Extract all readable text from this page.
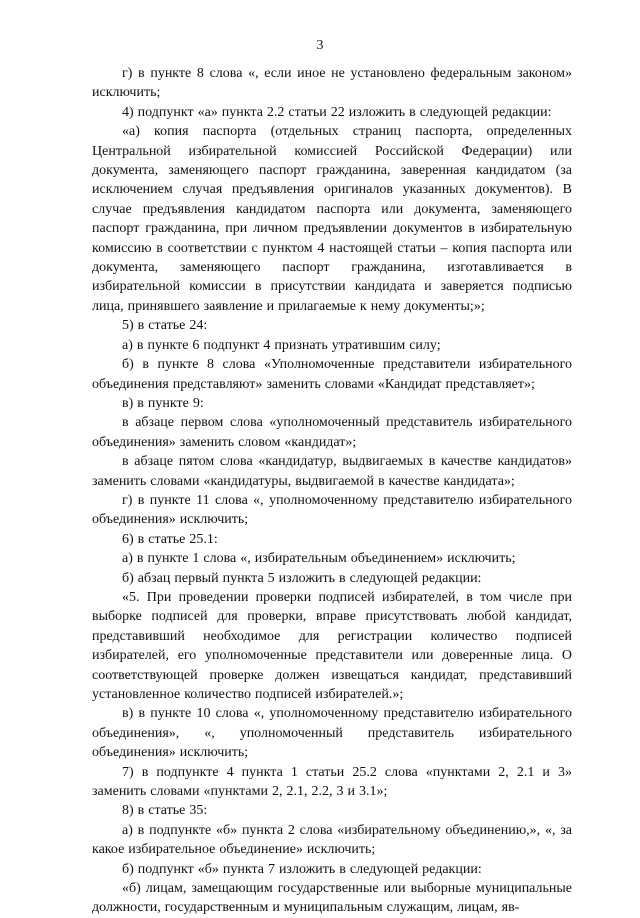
3

г) в пункте 8 слова «, если иное не установлено федеральным законом» исключить;

4) подпункт «а» пункта 2.2 статьи 22 изложить в следующей редакции:

«а) копия паспорта (отдельных страниц паспорта, определенных Центральной избирательной комиссией Российской Федерации) или документа, заменяющего паспорт гражданина, заверенная кандидатом (за исключением случая предъявления оригиналов указанных документов). В случае предъявления кандидатом паспорта или документа, заменяющего паспорт гражданина, при личном предъявлении документов в избирательную комиссию в соответствии с пунктом 4 настоящей статьи – копия паспорта или документа, заменяющего паспорт гражданина, изготавливается в избирательной комиссии в присутствии кандидата и заверяется подписью лица, принявшего заявление и прилагаемые к нему документы;»;

5) в статье 24:

а) в пункте 6 подпункт 4 признать утратившим силу;

б) в пункте 8 слова «Уполномоченные представители избирательного объединения представляют» заменить словами «Кандидат представляет»;

в) в пункте 9:

в абзаце первом слова «уполномоченный представитель избирательного объединения» заменить словом «кандидат»;

в абзаце пятом слова «кандидатур, выдвигаемых в качестве кандидатов» заменить словами «кандидатуры, выдвигаемой в качестве кандидата»;

г) в пункте 11 слова «, уполномоченному представителю избирательного объединения» исключить;

6) в статье 25.1:

а) в пункте 1 слова «, избирательным объединением» исключить;

б) абзац первый пункта 5 изложить в следующей редакции:

«5. При проведении проверки подписей избирателей, в том числе при выборке подписей для проверки, вправе присутствовать любой кандидат, представивший необходимое для регистрации количество подписей избирателей, его уполномоченные представители или доверенные лица. О соответствующей проверке должен извещаться кандидат, представивший установленное количество подписей избирателей.»;

в) в пункте 10 слова «, уполномоченному представителю избирательного объединения», «, уполномоченный представитель избирательного объединения» исключить;

7) в подпункте 4 пункта 1 статьи 25.2 слова «пунктами 2, 2.1 и 3» заменить словами «пунктами 2, 2.1, 2.2, 3 и 3.1»;

8) в статье 35:

а) в подпункте «б» пункта 2 слова «избирательному объединению,», «, за какое избирательное объединение» исключить;

б) подпункт «б» пункта 7 изложить в следующей редакции:

«б) лицам, замещающим государственные или выборные муниципальные должности, государственным и муниципальным служащим, лицам, яв-
